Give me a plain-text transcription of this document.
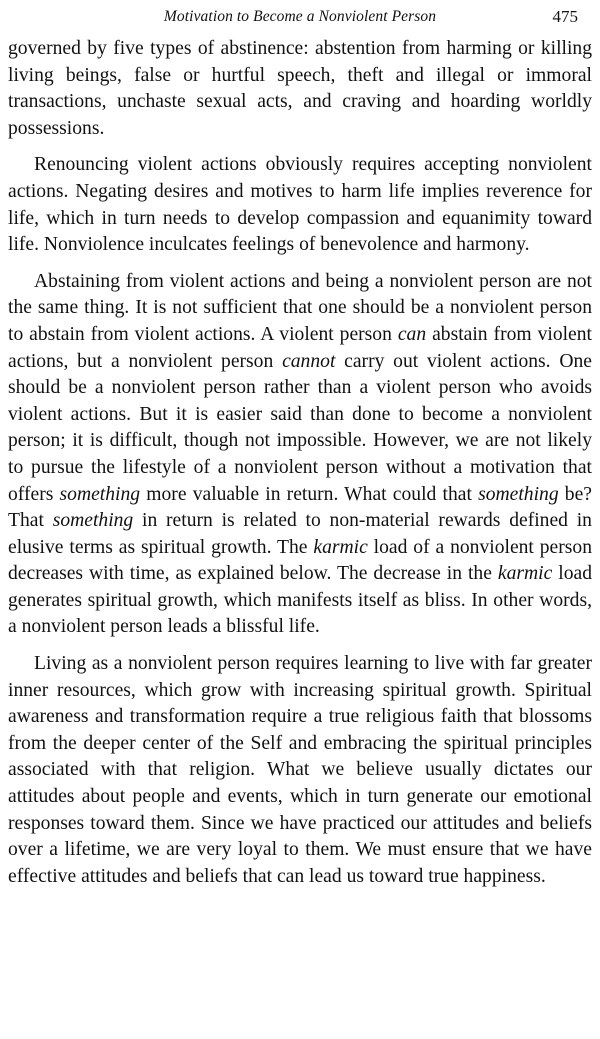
Motivation to Become a Nonviolent Person	475

governed by five types of abstinence: abstention from harming or killing living beings, false or hurtful speech, theft and illegal or immoral transactions, unchaste sexual acts, and craving and hoarding worldly possessions.

Renouncing violent actions obviously requires accepting nonviolent actions. Negating desires and motives to harm life implies reverence for life, which in turn needs to develop compassion and equanimity toward life. Nonviolence inculcates feelings of benevolence and harmony.

Abstaining from violent actions and being a nonviolent person are not the same thing. It is not sufficient that one should be a nonviolent person to abstain from violent actions. A violent person can abstain from violent actions, but a nonviolent person cannot carry out violent actions. One should be a nonviolent person rather than a violent person who avoids violent actions. But it is easier said than done to become a nonviolent person; it is difficult, though not impossible. However, we are not likely to pursue the lifestyle of a nonviolent person without a motivation that offers something more valuable in return. What could that something be? That something in return is related to non-material rewards defined in elusive terms as spiritual growth. The karmic load of a nonviolent person decreases with time, as explained below. The decrease in the karmic load generates spiritual growth, which manifests itself as bliss. In other words, a nonviolent person leads a blissful life.

Living as a nonviolent person requires learning to live with far greater inner resources, which grow with increasing spiritual growth. Spiritual awareness and transformation require a true religious faith that blossoms from the deeper center of the Self and embracing the spiritual principles associated with that religion. What we believe usually dictates our attitudes about people and events, which in turn generate our emotional responses toward them. Since we have practiced our attitudes and beliefs over a lifetime, we are very loyal to them. We must ensure that we have effective attitudes and beliefs that can lead us toward true happiness.
